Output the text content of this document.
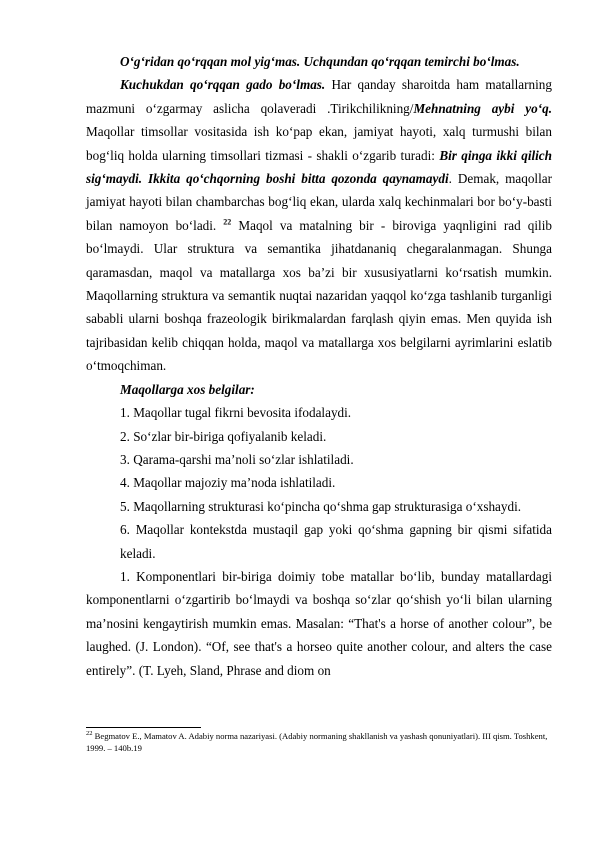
O‘g‘ridan qo‘rqqan mol yig‘mas. Uchqundan qo‘rqqan temirchi bo‘lmas.

Kuchukdan qo‘rqqan gado bo‘lmas. Har qanday sharoitda ham matallarning mazmuni o‘zgarmay aslicha qolaveradi .Tirikchilikning/Mehnatning aybi yo‘q. Maqollar timsollar vositasida ish ko‘pap ekan, jamiyat hayoti, xalq turmushi bilan bog‘liq holda ularning timsollari tizmasi - shakli o‘zgarib turadi: Bir qinga ikki qilich sig‘maydi. Ikkita qo‘chqorning boshi bitta qozonda qaynamaydi. Demak, maqollar jamiyat hayoti bilan chambarchas bog‘liq ekan, ularda xalq kechinmalari bor bo‘y-basti bilan namoyon bo‘ladi. $^{22}$ Maqol va matalning bir - biroviga yaqnligini rad qilib bo‘lmaydi. Ular struktura va semantika jihatdananiq chegaralanmagan. Shunga qaramasdan, maqol va matallarga xos ba’zi bir xususiyatlarni ko‘rsatish mumkin. Maqollarning struktura va semantik nuqtai nazaridan yaqqol ko‘zga tashlanib turganligi sababli ularni boshqa frazeologik birikmalardan farqlash qiyin emas. Men quyida ish tajribasidan kelib chiqqan holda, maqol va matallarga xos belgilarni ayrimlarini eslatib o‘tmoqchiman.

Maqollarga xos belgilar:

1. Maqollar tugal fikrni bevosita ifodalaydi.

2. So‘zlar bir-biriga qofiyalanib keladi.

3. Qarama-qarshi ma’noli so‘zlar ishlatiladi.

4. Maqollar majoziy ma’noda ishlatiladi.

5. Maqollarning strukturasi ko‘pincha qo‘shma gap strukturasiga o‘xshaydi.

6. Maqollar kontekstda mustaqil gap yoki qo‘shma gapning bir qismi sifatida keladi.

1. Komponentlari bir-biriga doimiy tobe matallar bo‘lib, bunday matallardagi komponentlarni o‘zgartirib bo‘lmaydi va boshqa so‘zlar qo‘shish yo‘li bilan ularning ma’nosini kengaytirish mumkin emas. Masalan: “That's a horse of another colour”, be laughed. (J. London). “Of, see that's a horseo quite another colour, and alters the case entirely”. (T. Lyeh, Sland, Phrase and diom on

$^{22}$ Begmatov E., Mamatov A. Adabiy norma nazariyasi. (Adabiy normaning shakllanish va yashash qonuniyatlari). III qism. Toshkent, 1999. – 140b.19
